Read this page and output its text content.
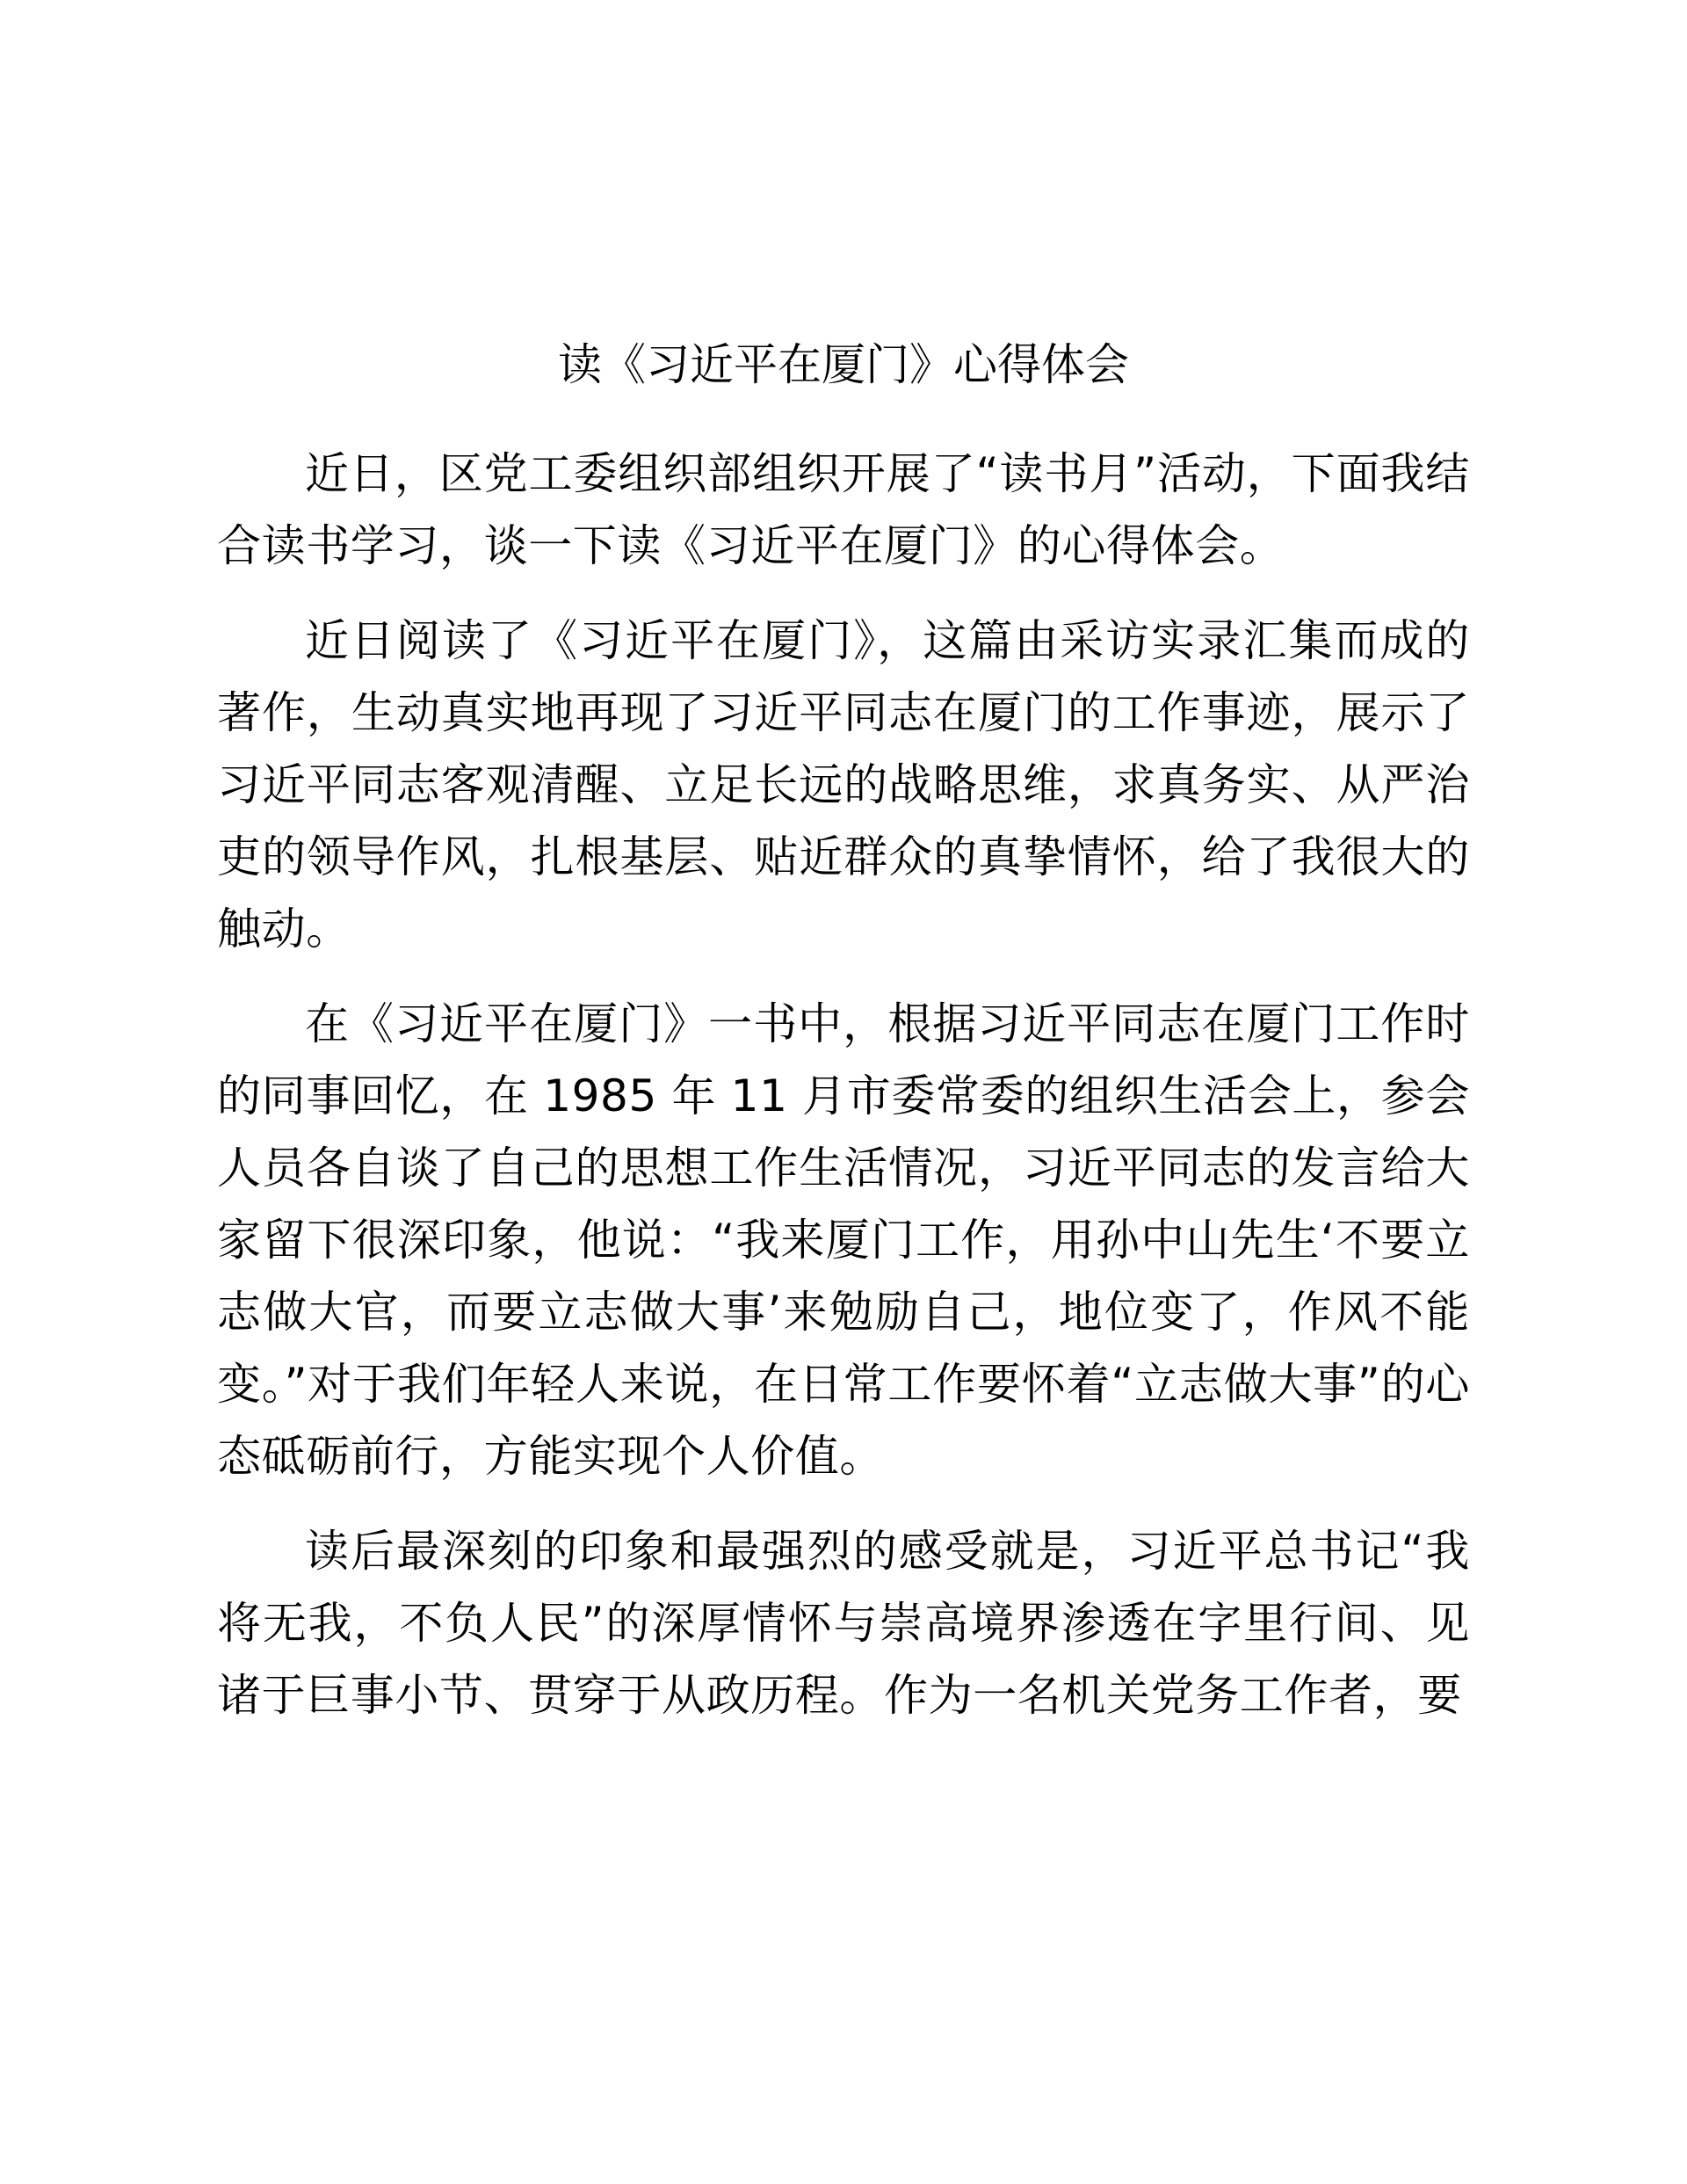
读《习近平在厦门》心得体会

近日，区党工委组织部组织开展了“读书月”活动，下面我结合读书学习，谈一下读《习近平在厦门》的心得体会。

近日阅读了《习近平在厦门》，这篇由采访实录汇集而成的著作，生动真实地再现了习近平同志在厦门的工作事迹，展示了习近平同志客观清醒、立足长远的战略思维，求真务实、从严治吏的领导作风，扎根基层、贴近群众的真挚情怀，给了我很大的触动。

在《习近平在厦门》一书中，根据习近平同志在厦门工作时的同事回忆，在 1985 年 11 月市委常委的组织生活会上，参会人员各自谈了自己的思想工作生活情况，习近平同志的发言给大家留下很深印象，他说：“我来厦门工作，用孙中山先生‘不要立志做大官，而要立志做大事’来勉励自己，地位变了，作风不能变。”对于我们年轻人来说，在日常工作要怀着“立志做大事”的心态砥砺前行，方能实现个人价值。

读后最深刻的印象和最强烈的感受就是，习近平总书记“我将无我，不负人民”的深厚情怀与崇高境界渗透在字里行间、见诸于巨事小节、贯穿于从政历程。作为一名机关党务工作者，要
